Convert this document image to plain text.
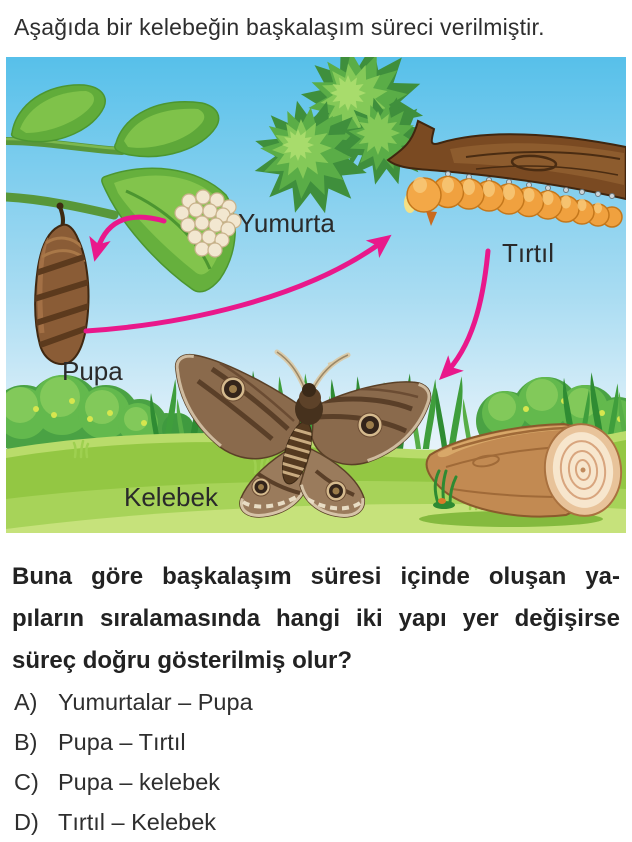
Aşağıda bir kelebeğin başkalaşım süreci verilmiştir.
Yumurta
Tırtıl
Pupa
Kelebek
Buna göre başkalaşım süresi içinde oluşan ya-
pıların sıralamasında hangi iki yapı yer değişirse
süreç doğru gösterilmiş olur?
A) Yumurtalar – Pupa
B) Pupa – Tırtıl
C) Pupa – kelebek
D) Tırtıl – Kelebek
